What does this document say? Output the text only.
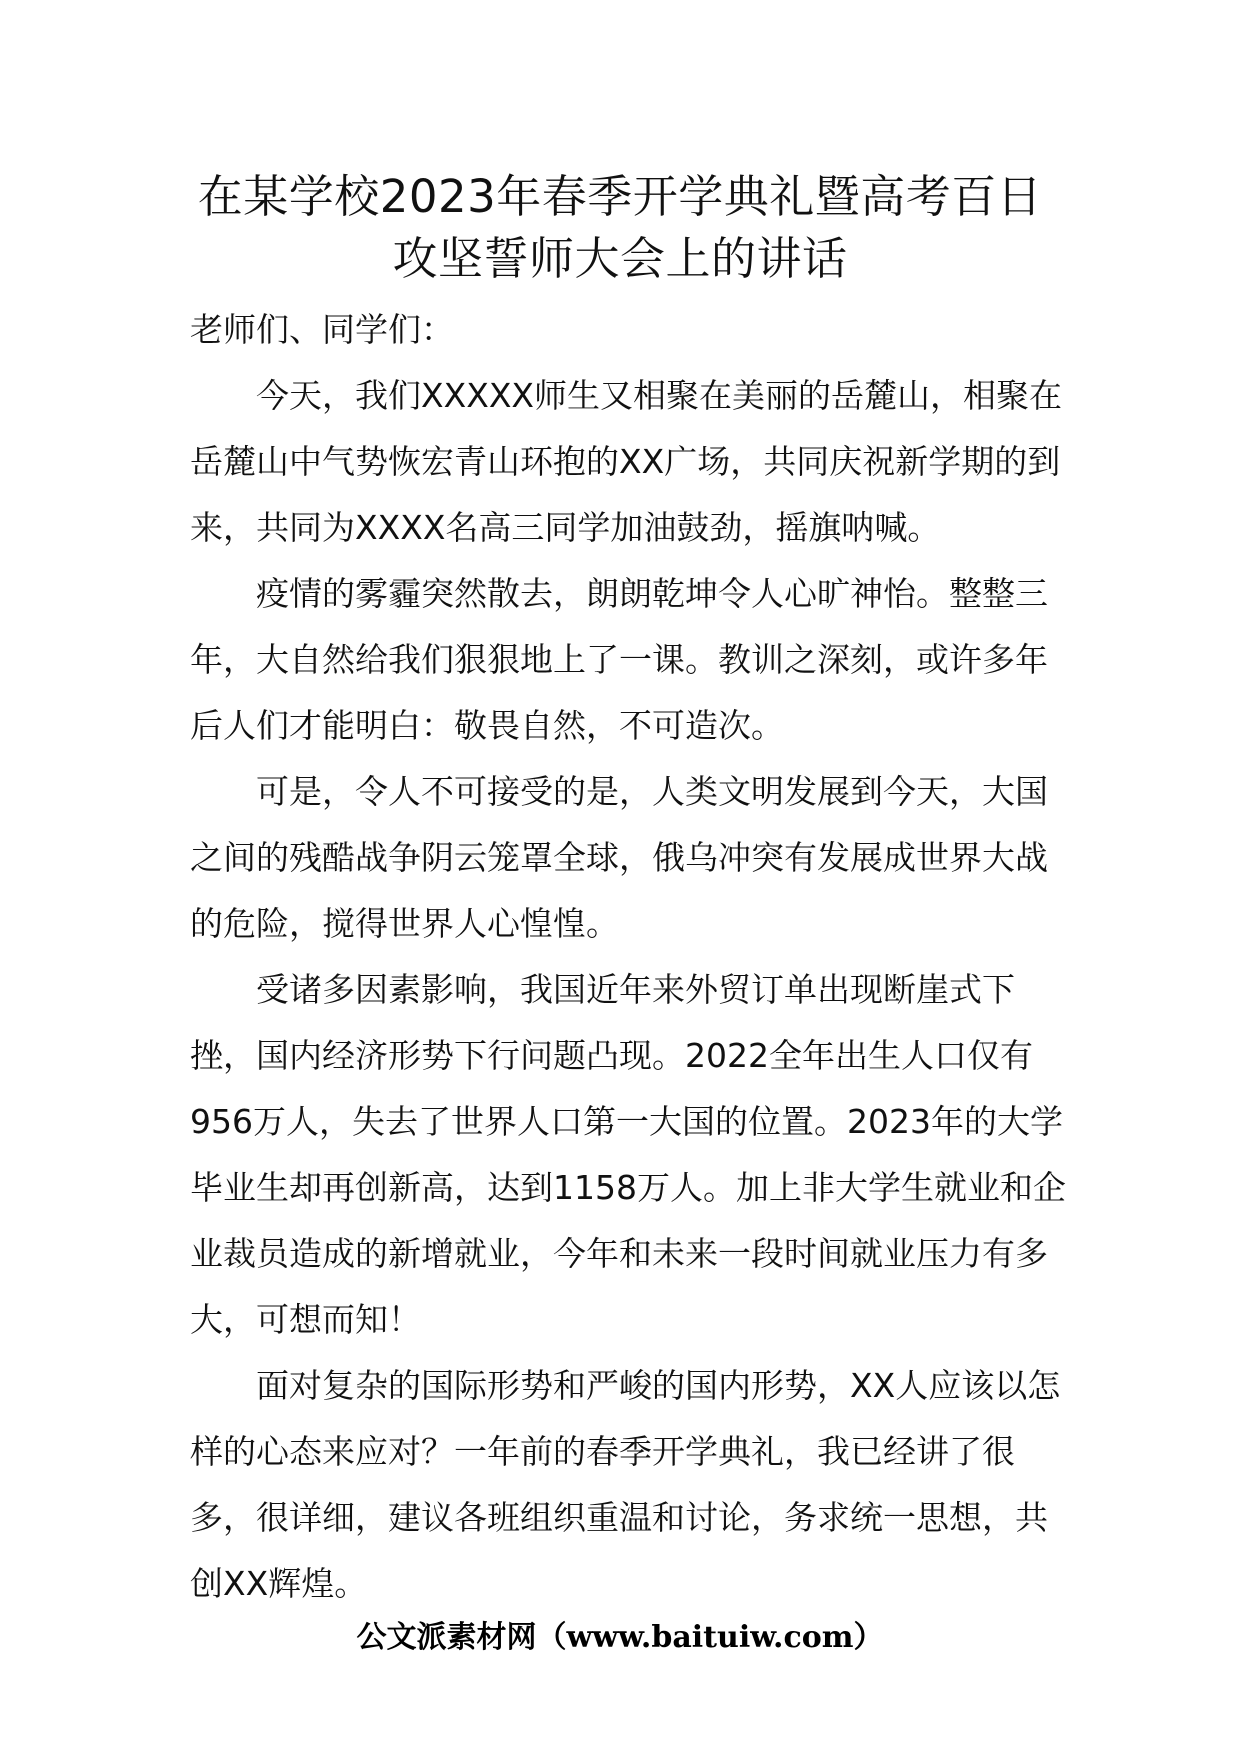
在某学校2023年春季开学典礼暨高考百日
攻坚誓师大会上的讲话

老师们、同学们：

今天，我们XXXXX师生又相聚在美丽的岳麓山，相聚在岳麓山中气势恢宏青山环抱的XX广场，共同庆祝新学期的到来，共同为XXXX名高三同学加油鼓劲，摇旗呐喊。

疫情的雾霾突然散去，朗朗乾坤令人心旷神怡。整整三年，大自然给我们狠狠地上了一课。教训之深刻，或许多年后人们才能明白：敬畏自然，不可造次。

可是，令人不可接受的是，人类文明发展到今天，大国之间的残酷战争阴云笼罩全球，俄乌冲突有发展成世界大战的危险，搅得世界人心惶惶。

受诸多因素影响，我国近年来外贸订单出现断崖式下挫，国内经济形势下行问题凸现。2022全年出生人口仅有956万人，失去了世界人口第一大国的位置。2023年的大学毕业生却再创新高，达到1158万人。加上非大学生就业和企业裁员造成的新增就业，今年和未来一段时间就业压力有多大，可想而知！

面对复杂的国际形势和严峻的国内形势，XX人应该以怎样的心态来应对？一年前的春季开学典礼，我已经讲了很多，很详细，建议各班组织重温和讨论，务求统一思想，共创XX辉煌。

公文派素材网（www.baituiw.com）
